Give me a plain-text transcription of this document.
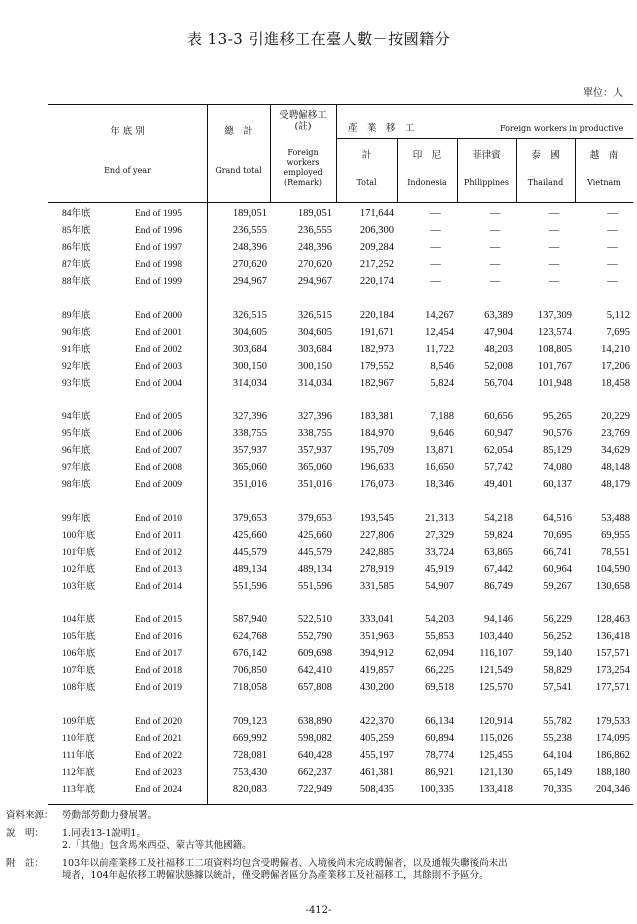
表 13-3 引進移工在臺人數－按國籍分
單位：人
年 底 別
End of year
總　計
Grand total
受聘僱移工(註)
Foreign workers employed (Remark)
產　業　移　工	Foreign workers in productive
計
Total
印　尼
Indonesia
菲律賓
Philippines
泰　國
Thailand
越　南
Vietnam
84年底	End of 1995	189,051	189,051	171,644	—	—	—	—
85年底	End of 1996	236,555	236,555	206,300	—	—	—	—
86年底	End of 1997	248,396	248,396	209,284	—	—	—	—
87年底	End of 1998	270,620	270,620	217,252	—	—	—	—
88年底	End of 1999	294,967	294,967	220,174	—	—	—	—
89年底	End of 2000	326,515	326,515	220,184	14,267	63,389	137,309	5,112
90年底	End of 2001	304,605	304,605	191,671	12,454	47,904	123,574	7,695
91年底	End of 2002	303,684	303,684	182,973	11,722	48,203	108,805	14,210
92年底	End of 2003	300,150	300,150	179,552	8,546	52,008	101,767	17,206
93年底	End of 2004	314,034	314,034	182,967	5,824	56,704	101,948	18,458
94年底	End of 2005	327,396	327,396	183,381	7,188	60,656	95,265	20,229
95年底	End of 2006	338,755	338,755	184,970	9,646	60,947	90,576	23,769
96年底	End of 2007	357,937	357,937	195,709	13,871	62,054	85,129	34,629
97年底	End of 2008	365,060	365,060	196,633	16,650	57,742	74,080	48,148
98年底	End of 2009	351,016	351,016	176,073	18,346	49,401	60,137	48,179
99年底	End of 2010	379,653	379,653	193,545	21,313	54,218	64,516	53,488
100年底	End of 2011	425,660	425,660	227,806	27,329	59,824	70,695	69,955
101年底	End of 2012	445,579	445,579	242,885	33,724	63,865	66,741	78,551
102年底	End of 2013	489,134	489,134	278,919	45,919	67,442	60,964	104,590
103年底	End of 2014	551,596	551,596	331,585	54,907	86,749	59,267	130,658
104年底	End of 2015	587,940	522,510	333,041	54,203	94,146	56,229	128,463
105年底	End of 2016	624,768	552,790	351,963	55,853	103,440	56,252	136,418
106年底	End of 2017	676,142	609,698	394,912	62,094	116,107	59,140	157,571
107年底	End of 2018	706,850	642,410	419,857	66,225	121,549	58,829	173,254
108年底	End of 2019	718,058	657,808	430,200	69,518	125,570	57,541	177,571
109年底	End of 2020	709,123	638,890	422,370	66,134	120,914	55,782	179,533
110年底	End of 2021	669,992	598,082	405,259	60,894	115,026	55,238	174,095
111年底	End of 2022	728,081	640,428	455,197	78,774	125,455	64,104	186,862
112年底	End of 2023	753,430	662,237	461,381	86,921	121,130	65,149	188,180
113年底	End of 2024	820,083	722,949	508,435	100,335	133,418	70,335	204,346
資料來源： 勞動部勞動力發展署。
說　明：	1.同表13-1說明1。
2.「其他」包含馬來西亞、蒙古等其他國籍。
附　註：	103年以前產業移工及社福移工二項資料均包含受聘僱者、入境後尚未完成聘僱者，以及通報失聯後尚未出
境者，104年起依移工聘僱狀態據以統計，僅受聘僱者區分為產業移工及社福移工，其餘則不予區分。
-412-
